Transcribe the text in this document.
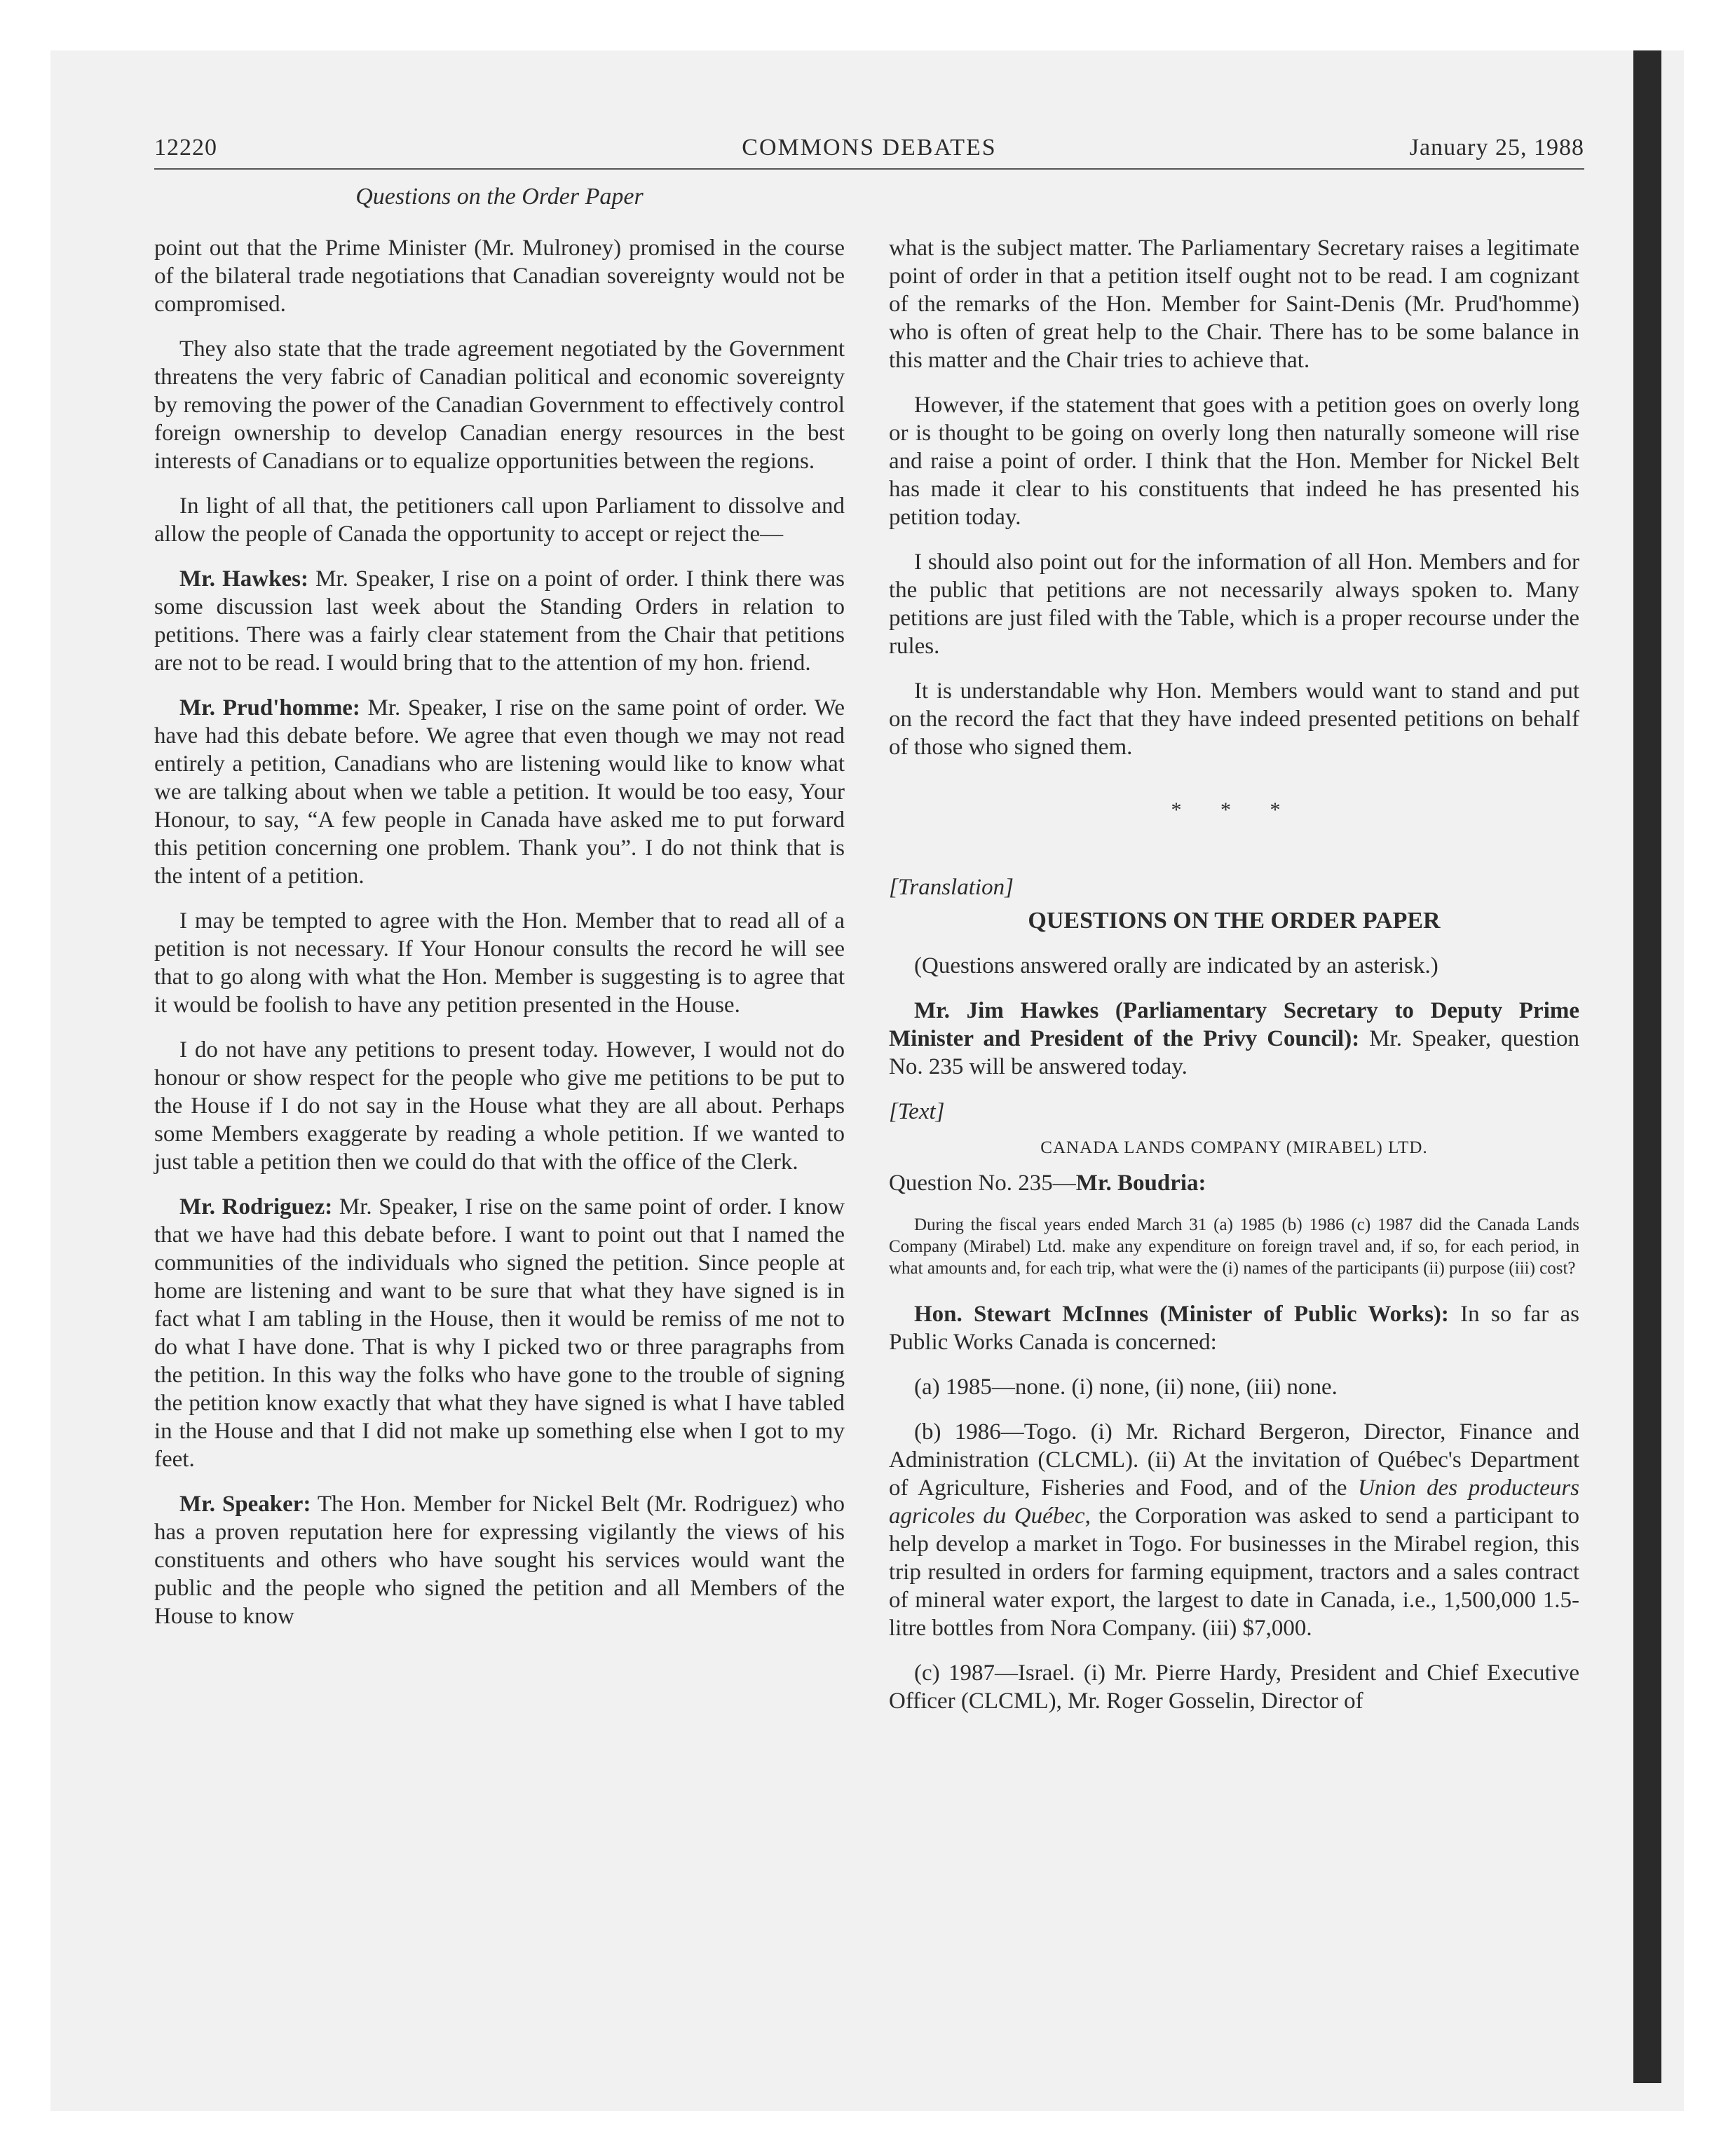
12220	COMMONS DEBATES	January 25, 1988
Questions on the Order Paper

point out that the Prime Minister (Mr. Mulroney) promised in the course of the bilateral trade negotiations that Canadian sovereignty would not be compromised.

They also state that the trade agreement negotiated by the Government threatens the very fabric of Canadian political and economic sovereignty by removing the power of the Canadian Government to effectively control foreign ownership to develop Canadian energy resources in the best interests of Canadians or to equalize opportunities between the regions.

In light of all that, the petitioners call upon Parliament to dissolve and allow the people of Canada the opportunity to accept or reject the—

Mr. Hawkes: Mr. Speaker, I rise on a point of order. I think there was some discussion last week about the Standing Orders in relation to petitions. There was a fairly clear statement from the Chair that petitions are not to be read. I would bring that to the attention of my hon. friend.

Mr. Prud'homme: Mr. Speaker, I rise on the same point of order. We have had this debate before. We agree that even though we may not read entirely a petition, Canadians who are listening would like to know what we are talking about when we table a petition. It would be too easy, Your Honour, to say, “A few people in Canada have asked me to put forward this petition concerning one problem. Thank you”. I do not think that is the intent of a petition.

I may be tempted to agree with the Hon. Member that to read all of a petition is not necessary. If Your Honour consults the record he will see that to go along with what the Hon. Member is suggesting is to agree that it would be foolish to have any petition presented in the House.

I do not have any petitions to present today. However, I would not do honour or show respect for the people who give me petitions to be put to the House if I do not say in the House what they are all about. Perhaps some Members exaggerate by reading a whole petition. If we wanted to just table a petition then we could do that with the office of the Clerk.

Mr. Rodriguez: Mr. Speaker, I rise on the same point of order. I know that we have had this debate before. I want to point out that I named the communities of the individuals who signed the petition. Since people at home are listening and want to be sure that what they have signed is in fact what I am tabling in the House, then it would be remiss of me not to do what I have done. That is why I picked two or three paragraphs from the petition. In this way the folks who have gone to the trouble of signing the petition know exactly that what they have signed is what I have tabled in the House and that I did not make up something else when I got to my feet.

Mr. Speaker: The Hon. Member for Nickel Belt (Mr. Rodriguez) who has a proven reputation here for expressing vigilantly the views of his constituents and others who have sought his services would want the public and the people who signed the petition and all Members of the House to know

what is the subject matter. The Parliamentary Secretary raises a legitimate point of order in that a petition itself ought not to be read. I am cognizant of the remarks of the Hon. Member for Saint-Denis (Mr. Prud'homme) who is often of great help to the Chair. There has to be some balance in this matter and the Chair tries to achieve that.

However, if the statement that goes with a petition goes on overly long or is thought to be going on overly long then naturally someone will rise and raise a point of order. I think that the Hon. Member for Nickel Belt has made it clear to his constituents that indeed he has presented his petition today.

I should also point out for the information of all Hon. Members and for the public that petitions are not necessarily always spoken to. Many petitions are just filed with the Table, which is a proper recourse under the rules.

It is understandable why Hon. Members would want to stand and put on the record the fact that they have indeed presented petitions on behalf of those who signed them.

* * *
[Translation]
QUESTIONS ON THE ORDER PAPER

(Questions answered orally are indicated by an asterisk.)

Mr. Jim Hawkes (Parliamentary Secretary to Deputy Prime Minister and President of the Privy Council): Mr. Speaker, question No. 235 will be answered today.

[Text]
CANADA LANDS COMPANY (MIRABEL) LTD.

Question No. 235—Mr. Boudria:

During the fiscal years ended March 31 (a) 1985 (b) 1986 (c) 1987 did the Canada Lands Company (Mirabel) Ltd. make any expenditure on foreign travel and, if so, for each period, in what amounts and, for each trip, what were the (i) names of the participants (ii) purpose (iii) cost?

Hon. Stewart McInnes (Minister of Public Works): In so far as Public Works Canada is concerned:

(a) 1985—none. (i) none, (ii) none, (iii) none.

(b) 1986—Togo. (i) Mr. Richard Bergeron, Director, Finance and Administration (CLCML). (ii) At the invitation of Québec's Department of Agriculture, Fisheries and Food, and of the Union des producteurs agricoles du Québec, the Corporation was asked to send a participant to help develop a market in Togo. For businesses in the Mirabel region, this trip resulted in orders for farming equipment, tractors and a sales contract of mineral water export, the largest to date in Canada, i.e., 1,500,000 1.5-litre bottles from Nora Company. (iii) $7,000.

(c) 1987—Israel. (i) Mr. Pierre Hardy, President and Chief Executive Officer (CLCML), Mr. Roger Gosselin, Director of
